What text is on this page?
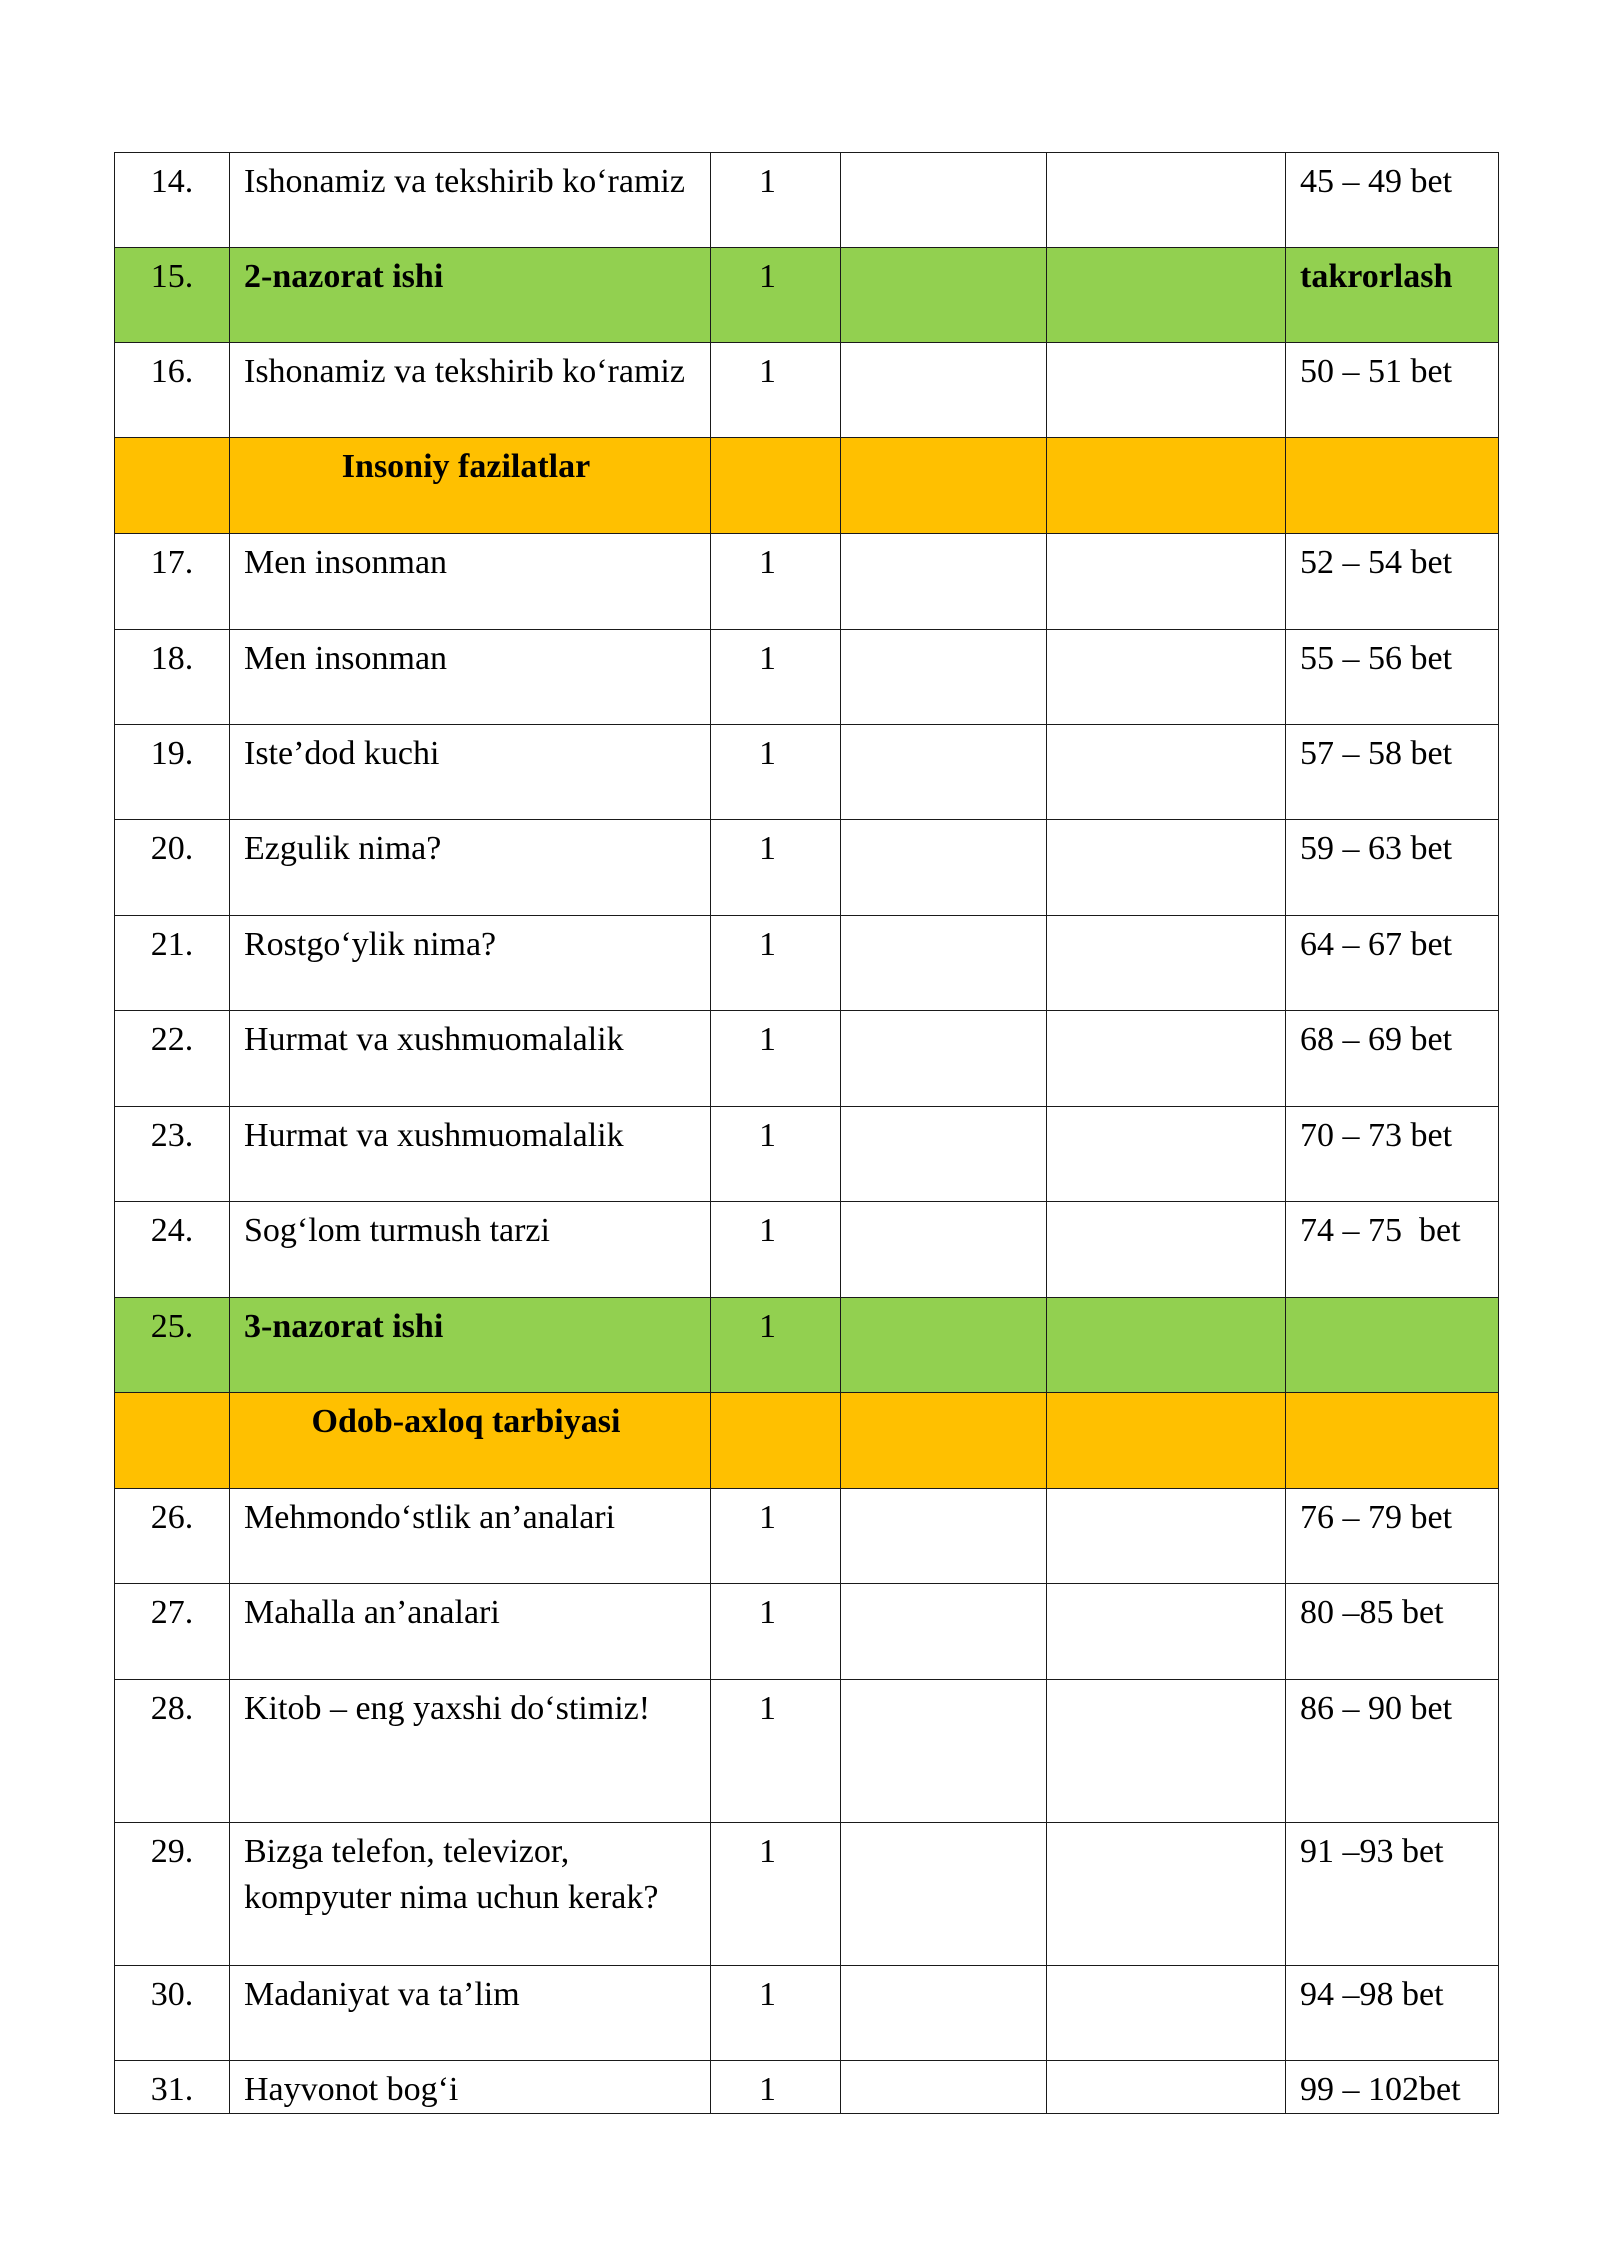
14.	Ishonamiz va tekshirib ko‘ramiz	1			45 – 49 bet
15.	2-nazorat ishi	1			takrorlash
16.	Ishonamiz va tekshirib ko‘ramiz	1			50 – 51 bet
	Insoniy fazilatlar				
17.	Men insonman	1			52 – 54 bet
18.	Men insonman	1			55 – 56 bet
19.	Iste’dod kuchi	1			57 – 58 bet
20.	Ezgulik nima?	1			59 – 63 bet
21.	Rostgo‘ylik nima?	1			64 – 67 bet
22.	Hurmat va xushmuomalalik	1			68 – 69 bet
23.	Hurmat va xushmuomalalik	1			70 – 73 bet
24.	Sog‘lom turmush tarzi	1			74 – 75  bet
25.	3-nazorat ishi	1			
	Odob-axloq tarbiyasi				
26.	Mehmondo‘stlik an’analari	1			76 – 79 bet
27.	Mahalla an’analari	1			80 –85 bet
28.	Kitob – eng yaxshi do‘stimiz!	1			86 – 90 bet
29.	Bizga telefon, televizor, kompyuter nima uchun kerak?	1			91 –93 bet
30.	Madaniyat va ta’lim	1			94 –98 bet
31.	Hayvonot bog‘i	1			99 – 102bet
